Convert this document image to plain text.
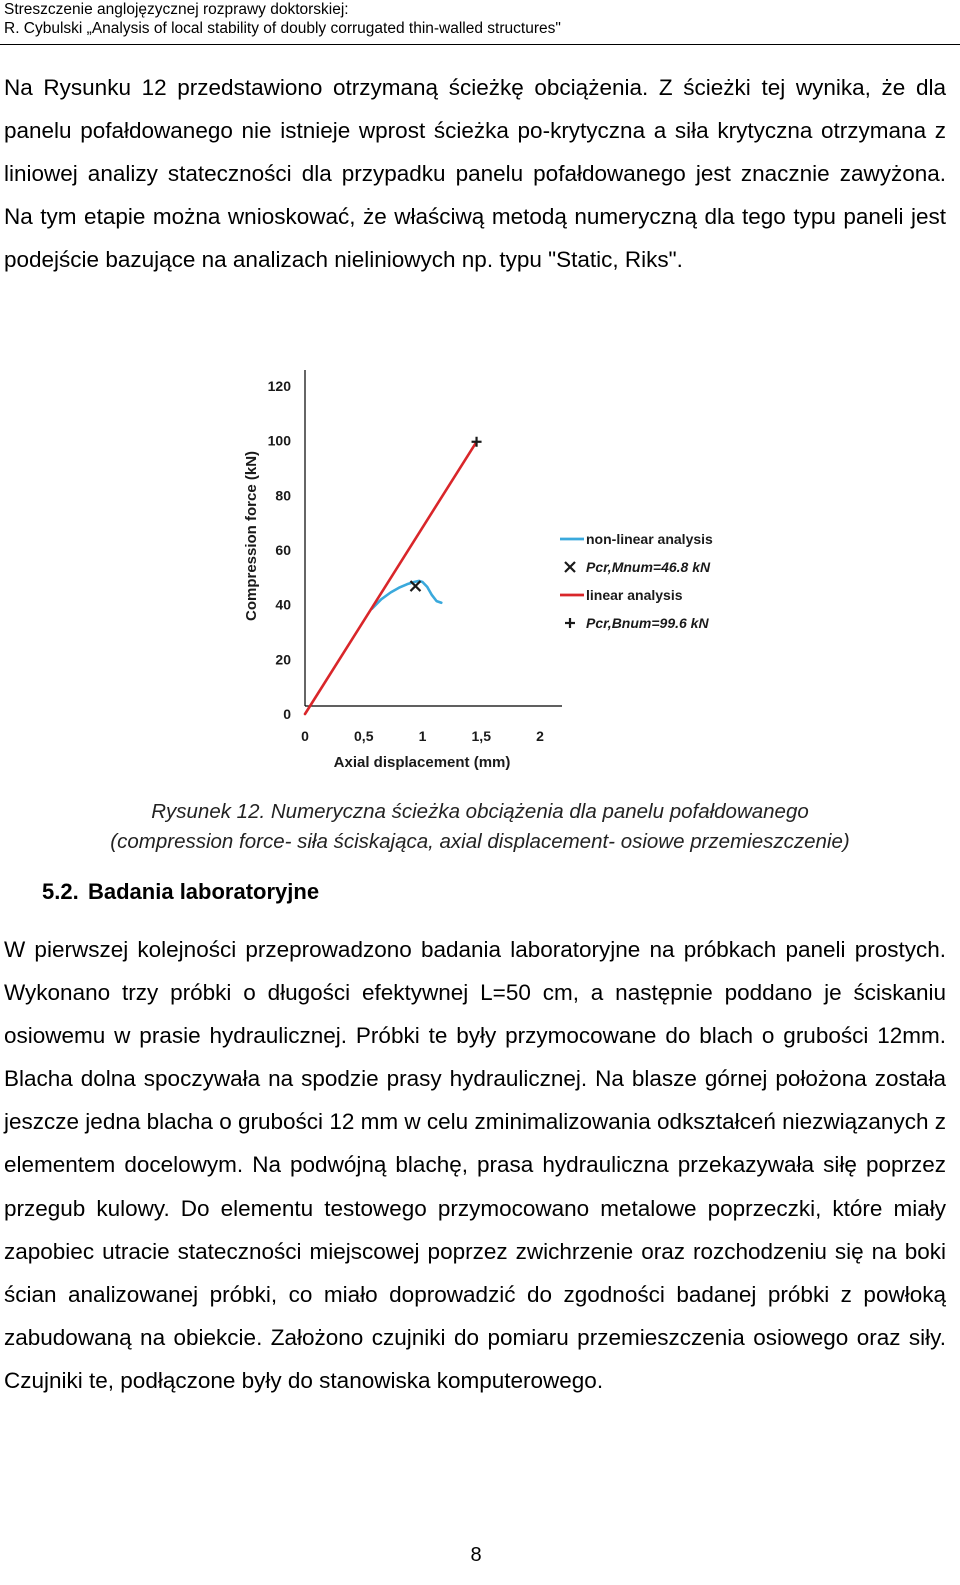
Streszczenie anglojęzycznej rozprawy doktorskiej:
R. Cybulski „Analysis of local stability of doubly corrugated thin-walled structures"

Na Rysunku 12 przedstawiono otrzymaną ścieżkę obciążenia. Z ścieżki tej wynika, że dla panelu pofałdowanego nie istnieje wprost ścieżka po-krytyczna a siła krytyczna otrzymana z liniowej analizy stateczności dla przypadku panelu pofałdowanego jest znacznie zawyżona. Na tym etapie można wnioskować, że właściwą metodą numeryczną dla tego typu paneli jest podejście bazujące na analizach nieliniowych np. typu "Static, Riks".

0
20
40
60
80
100
120
0	0,5	1	1,5	2
Compression force (kN)
Axial displacement (mm)
non-linear analysis
Pcr,Mnum=46.8 kN
linear analysis
Pcr,Bnum=99.6 kN
Rysunek 12. Numeryczna ścieżka obciążenia dla panelu pofałdowanego
(compression force- siła ściskająca, axial displacement- osiowe przemieszczenie)
5.2. Badania laboratoryjne

W pierwszej kolejności przeprowadzono badania laboratoryjne na próbkach paneli prostych. Wykonano trzy próbki o długości efektywnej L=50 cm, a następnie poddano je ściskaniu osiowemu w prasie hydraulicznej. Próbki te były przymocowane do blach o grubości 12mm. Blacha dolna spoczywała na spodzie prasy hydraulicznej. Na blasze górnej położona została jeszcze jedna blacha o grubości 12 mm w celu zminimalizowania odkształceń niezwiązanych z elementem docelowym. Na podwójną blachę, prasa hydrauliczna przekazywała siłę poprzez przegub kulowy. Do elementu testowego przymocowano metalowe poprzeczki, które miały zapobiec utracie stateczności miejscowej poprzez zwichrzenie oraz rozchodzeniu się na boki ścian analizowanej próbki, co miało doprowadzić do zgodności badanej próbki z powłoką zabudowaną na obiekcie. Założono czujniki do pomiaru przemieszczenia osiowego oraz siły. Czujniki te, podłączone były do stanowiska komputerowego.

8
